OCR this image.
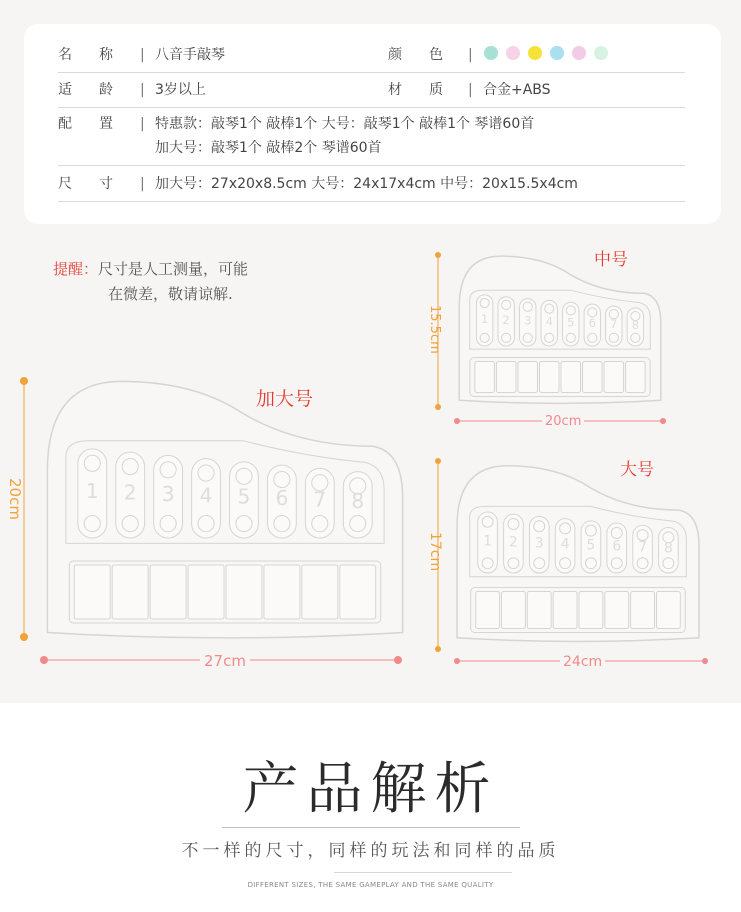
名 称	| 八音手敲琴	颜 色 |
适 龄	| 3岁以上	材 质 | 合金+ABS
配 置	| 特惠款：敲琴1个 敲棒1个 大号：敲琴1个 敲棒1个 琴谱60首
加大号：敲琴1个 敲棒2个 琴谱60首
尺 寸	| 加大号：27x20x8.5cm 大号：24x17x4cm 中号：20x15.5x4cm
提醒：尺寸是人工测量，可能
在微差，敬请谅解.
加大号
1 2 3 4 5 6 7 8
20cm
27cm
中号
1 2 3 4 5 6 7 8
15.5cm
20cm
大号
1 2 3 4 5 6 7 8
17cm
24cm
产品解析
不一样的尺寸，同样的玩法和同样的品质
DIFFERENT SIZES, THE SAME GAMEPLAY AND THE SAME QUALITY
